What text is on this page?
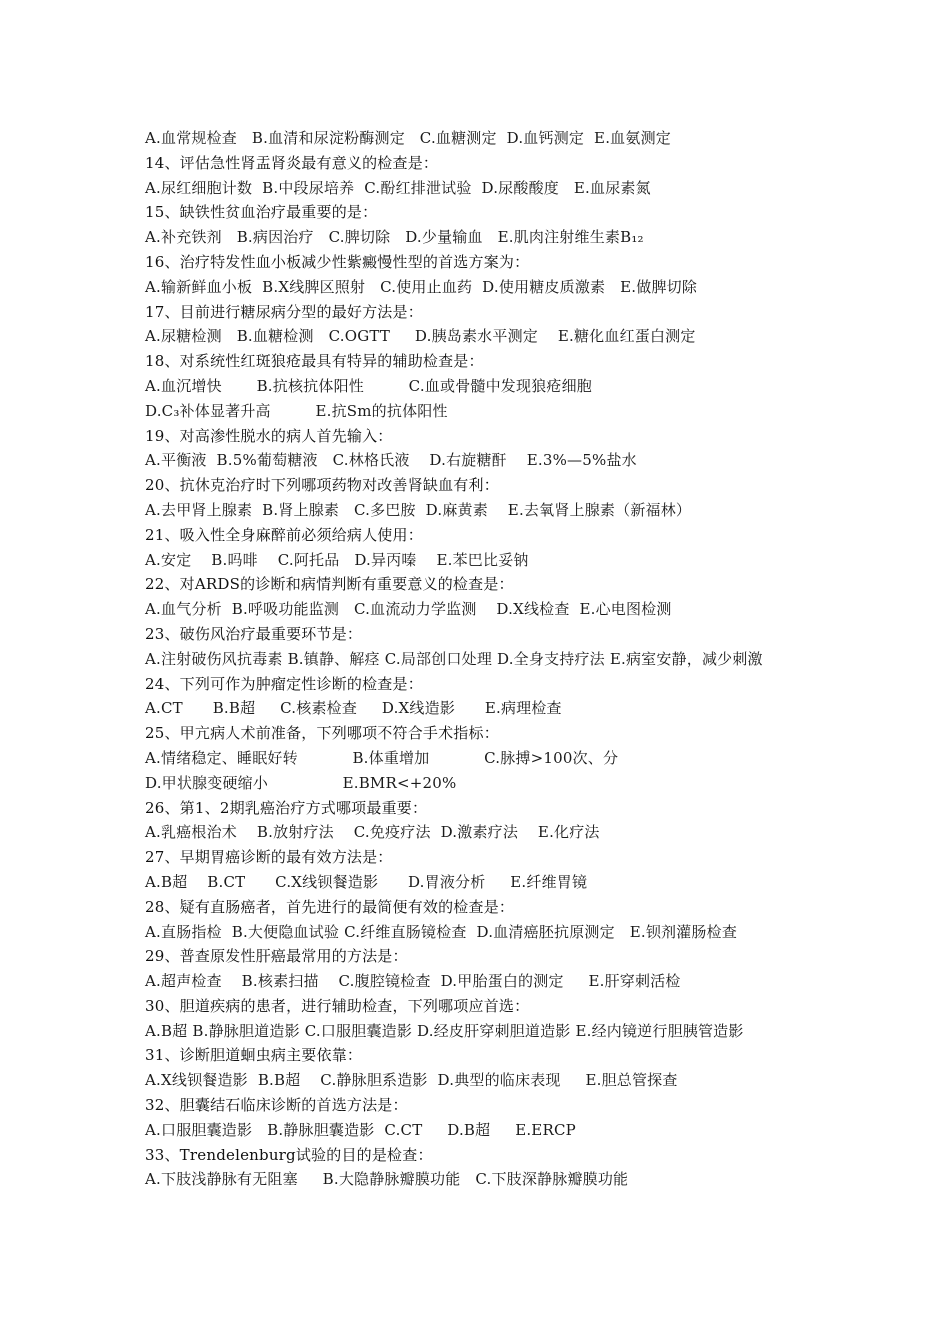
A.血常规检查   B.血清和尿淀粉酶测定   C.血糖测定  D.血钙测定  E.血氨测定
14、评估急性肾盂肾炎最有意义的检查是：
A.尿红细胞计数  B.中段尿培养  C.酚红排泄试验  D.尿酸酸度   E.血尿素氮
15、缺铁性贫血治疗最重要的是：
A.补充铁剂   B.病因治疗   C.脾切除   D.少量输血   E.肌肉注射维生素B₁₂
16、治疗特发性血小板减少性紫癜慢性型的首选方案为：
A.输新鲜血小板  B.X线脾区照射   C.使用止血药  D.使用糖皮质激素   E.做脾切除
17、目前进行糖尿病分型的最好方法是：
A.尿糖检测   B.血糖检测   C.OGTT     D.胰岛素水平测定    E.糖化血红蛋白测定
18、对系统性红斑狼疮最具有特异的辅助检查是：
A.血沉增快       B.抗核抗体阳性         C.血或骨髓中发现狼疮细胞
D.C₃补体显著升高         E.抗Sm的抗体阳性
19、对高渗性脱水的病人首先输入：
A.平衡液  B.5%葡萄糖液   C.林格氏液    D.右旋糖酐    E.3%—5%盐水
20、抗休克治疗时下列哪项药物对改善肾缺血有利：
A.去甲肾上腺素  B.肾上腺素   C.多巴胺  D.麻黄素    E.去氧肾上腺素（新福林）
21、吸入性全身麻醉前必须给病人使用：
A.安定    B.吗啡    C.阿托品   D.异丙嗪    E.苯巴比妥钠
22、对ARDS的诊断和病情判断有重要意义的检查是：
A.血气分析  B.呼吸功能监测   C.血流动力学监测    D.X线检查  E.心电图检测
23、破伤风治疗最重要环节是：
A.注射破伤风抗毒素 B.镇静、解痉 C.局部创口处理 D.全身支持疗法 E.病室安静，减少刺激
24、下列可作为肿瘤定性诊断的检查是：
A.CT      B.B超     C.核素检查     D.X线造影      E.病理检查
25、甲亢病人术前准备，下列哪项不符合手术指标：
A.情绪稳定、睡眠好转           B.体重增加           C.脉搏>100次、分
D.甲状腺变硬缩小               E.BMR<+20%
26、第1、2期乳癌治疗方式哪项最重要：
A.乳癌根治术    B.放射疗法    C.免疫疗法  D.激素疗法    E.化疗法
27、早期胃癌诊断的最有效方法是：
A.B超    B.CT      C.X线钡餐造影      D.胃液分析     E.纤维胃镜
28、疑有直肠癌者，首先进行的最简便有效的检查是：
A.直肠指检  B.大便隐血试验 C.纤维直肠镜检查  D.血清癌胚抗原测定   E.钡剂灌肠检查
29、普查原发性肝癌最常用的方法是：
A.超声检查    B.核素扫描    C.腹腔镜检查  D.甲胎蛋白的测定     E.肝穿刺活检
30、胆道疾病的患者，进行辅助检查，下列哪项应首选：
A.B超 B.静脉胆道造影 C.口服胆囊造影 D.经皮肝穿刺胆道造影 E.经内镜逆行胆胰管造影
31、诊断胆道蛔虫病主要依靠：
A.X线钡餐造影  B.B超    C.静脉胆系造影  D.典型的临床表现     E.胆总管探查
32、胆囊结石临床诊断的首选方法是：
A.口服胆囊造影   B.静脉胆囊造影  C.CT     D.B超     E.ERCP
33、Trendelenburg试验的目的是检查：
A.下肢浅静脉有无阻塞     B.大隐静脉瓣膜功能   C.下肢深静脉瓣膜功能
